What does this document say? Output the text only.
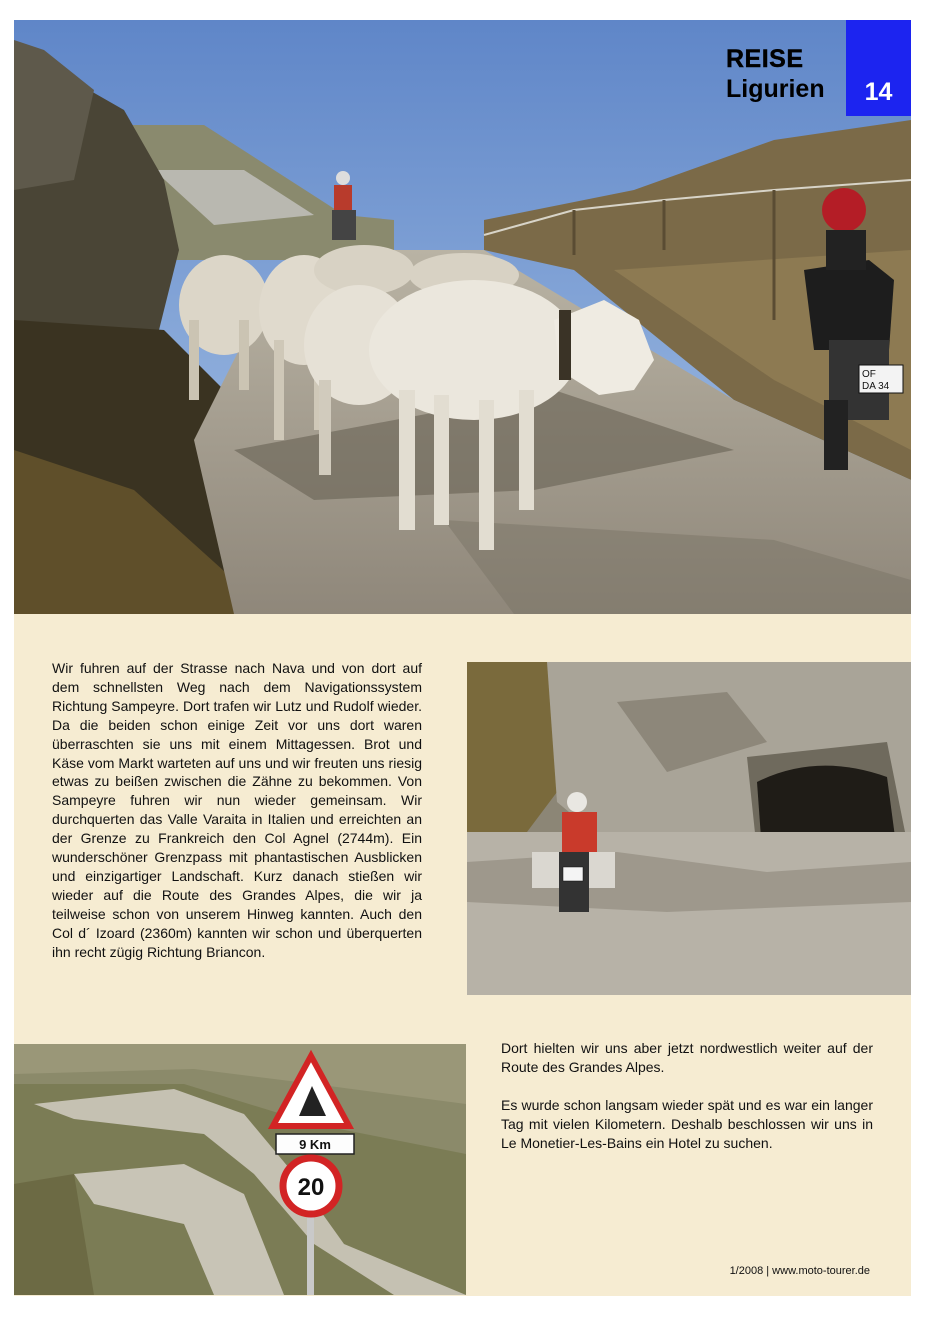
OF
DA 34
REISE
Ligurien	14
Wir fuhren auf der Strasse nach Nava und von dort auf dem schnellsten Weg nach dem Navigationssystem Richtung Sampeyre. Dort trafen wir Lutz und Rudolf wieder. Da die beiden schon einige Zeit vor uns dort waren überraschten sie uns mit einem Mittagessen. Brot und Käse vom Markt warteten auf uns und wir freuten uns riesig etwas zu beißen zwischen die Zähne zu bekommen. Von Sampeyre fuhren wir nun wieder gemeinsam. Wir durchquerten das Valle Varaita in Italien und erreichten an der Grenze zu Frankreich den Col Agnel (2744m). Ein wunderschöner Grenzpass mit phantastischen Ausblicken und einzigartiger Landschaft. Kurz danach stießen wir wieder auf die Route des Grandes Alpes, die wir ja teilweise schon von unserem Hinweg kannten. Auch den Col d´ Izoard (2360m) kannten wir schon und überquerten ihn recht zügig Richtung Briancon.
9 Km
20
Dort hielten wir uns aber jetzt nordwestlich weiter auf der Route des Grandes Alpes.
Es wurde schon langsam wieder spät und es war ein langer Tag mit vielen Kilometern. Deshalb beschlossen wir uns in Le Monetier-Les-Bains ein Hotel zu suchen.
1/2008 | www.moto-tourer.de
